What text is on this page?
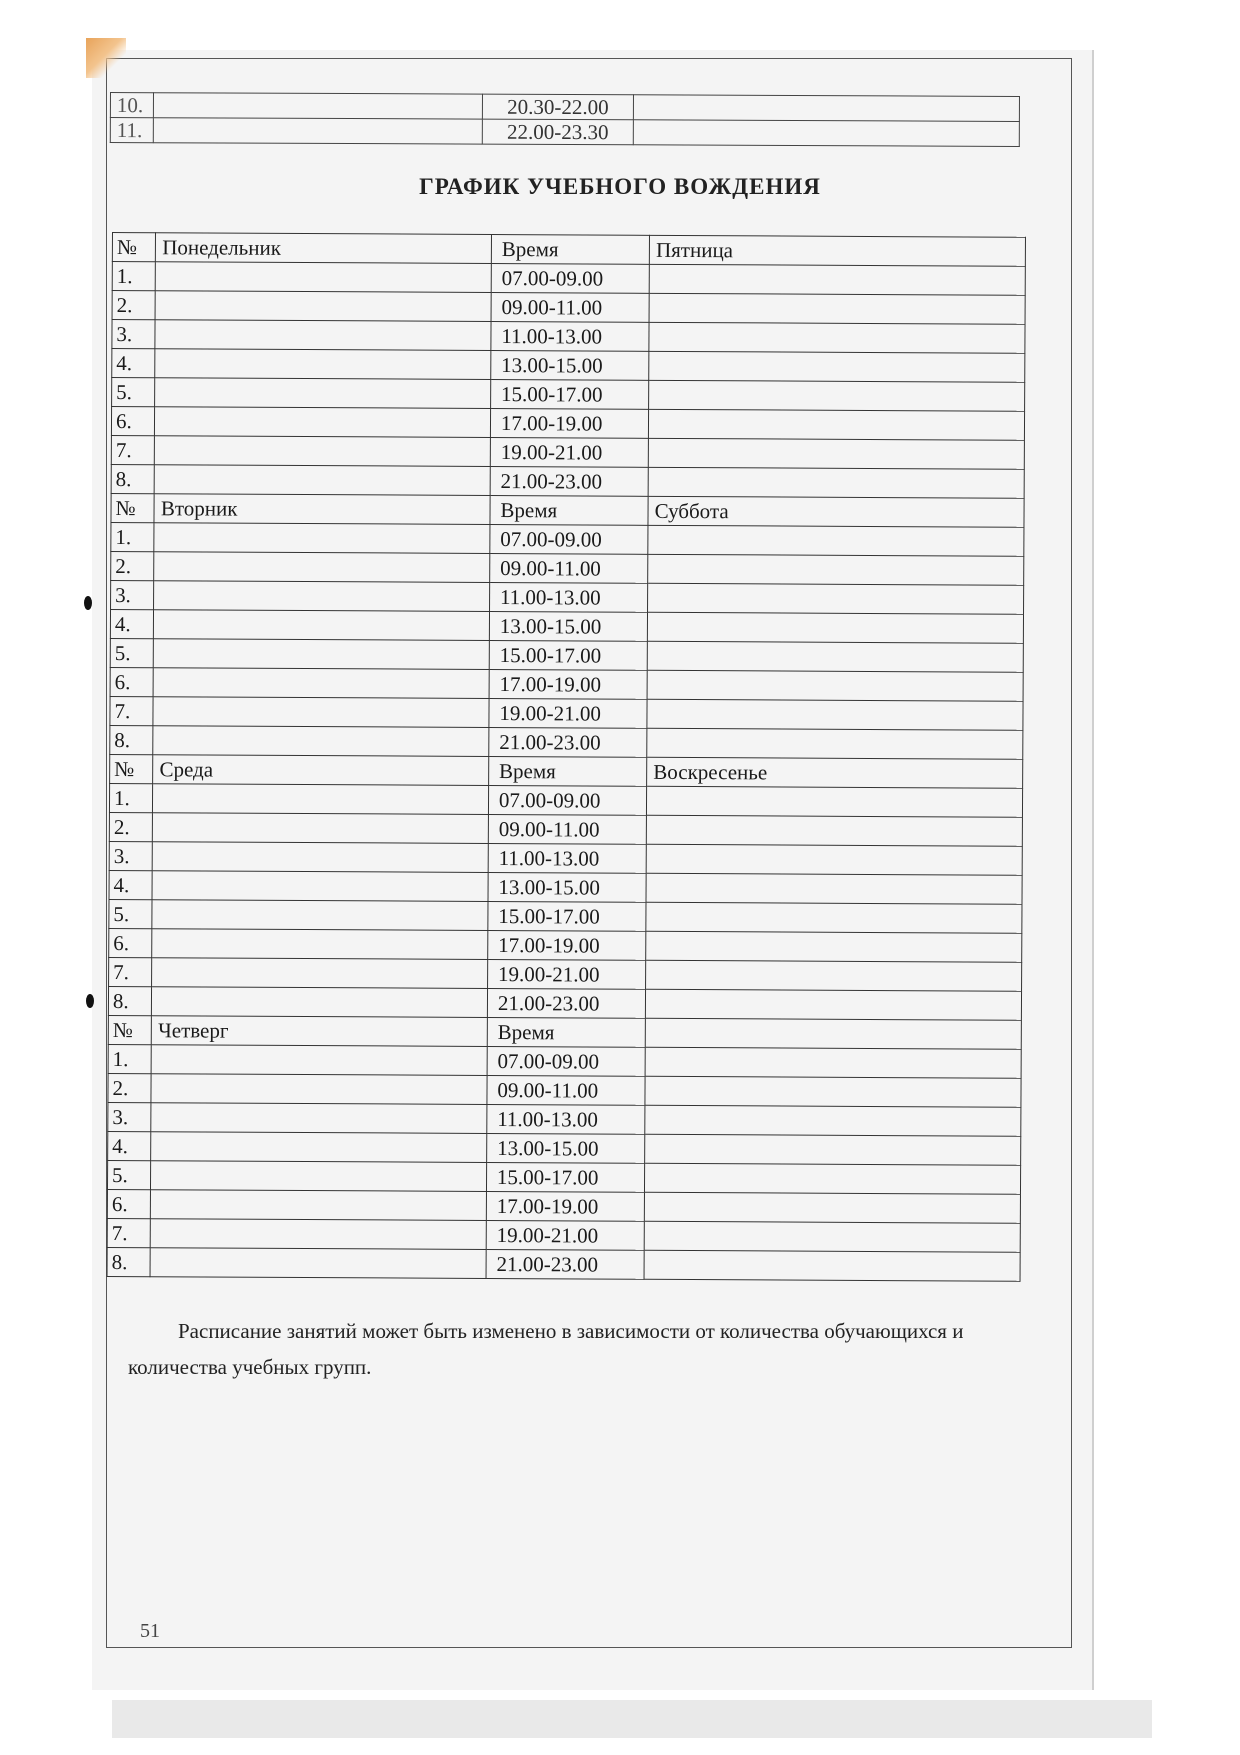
10.		20.30-22.00	
11.		22.00-23.30	
ГРАФИК УЧЕБНОГО ВОЖДЕНИЯ
№	Понедельник	Время	Пятница
1.		07.00-09.00	
2.		09.00-11.00	
3.		11.00-13.00	
4.		13.00-15.00	
5.		15.00-17.00	
6.		17.00-19.00	
7.		19.00-21.00	
8.		21.00-23.00	
№	Вторник	Время	Суббота
1.		07.00-09.00	
2.		09.00-11.00	
3.		11.00-13.00	
4.		13.00-15.00	
5.		15.00-17.00	
6.		17.00-19.00	
7.		19.00-21.00	
8.		21.00-23.00	
№	Среда	Время	Воскресенье
1.		07.00-09.00	
2.		09.00-11.00	
3.		11.00-13.00	
4.		13.00-15.00	
5.		15.00-17.00	
6.		17.00-19.00	
7.		19.00-21.00	
8.		21.00-23.00	
№	Четверг	Время	
1.		07.00-09.00	
2.		09.00-11.00	
3.		11.00-13.00	
4.		13.00-15.00	
5.		15.00-17.00	
6.		17.00-19.00	
7.		19.00-21.00	
8.		21.00-23.00	

Расписание занятий может быть изменено в зависимости от количества обучающихся и количества учебных групп.

51
